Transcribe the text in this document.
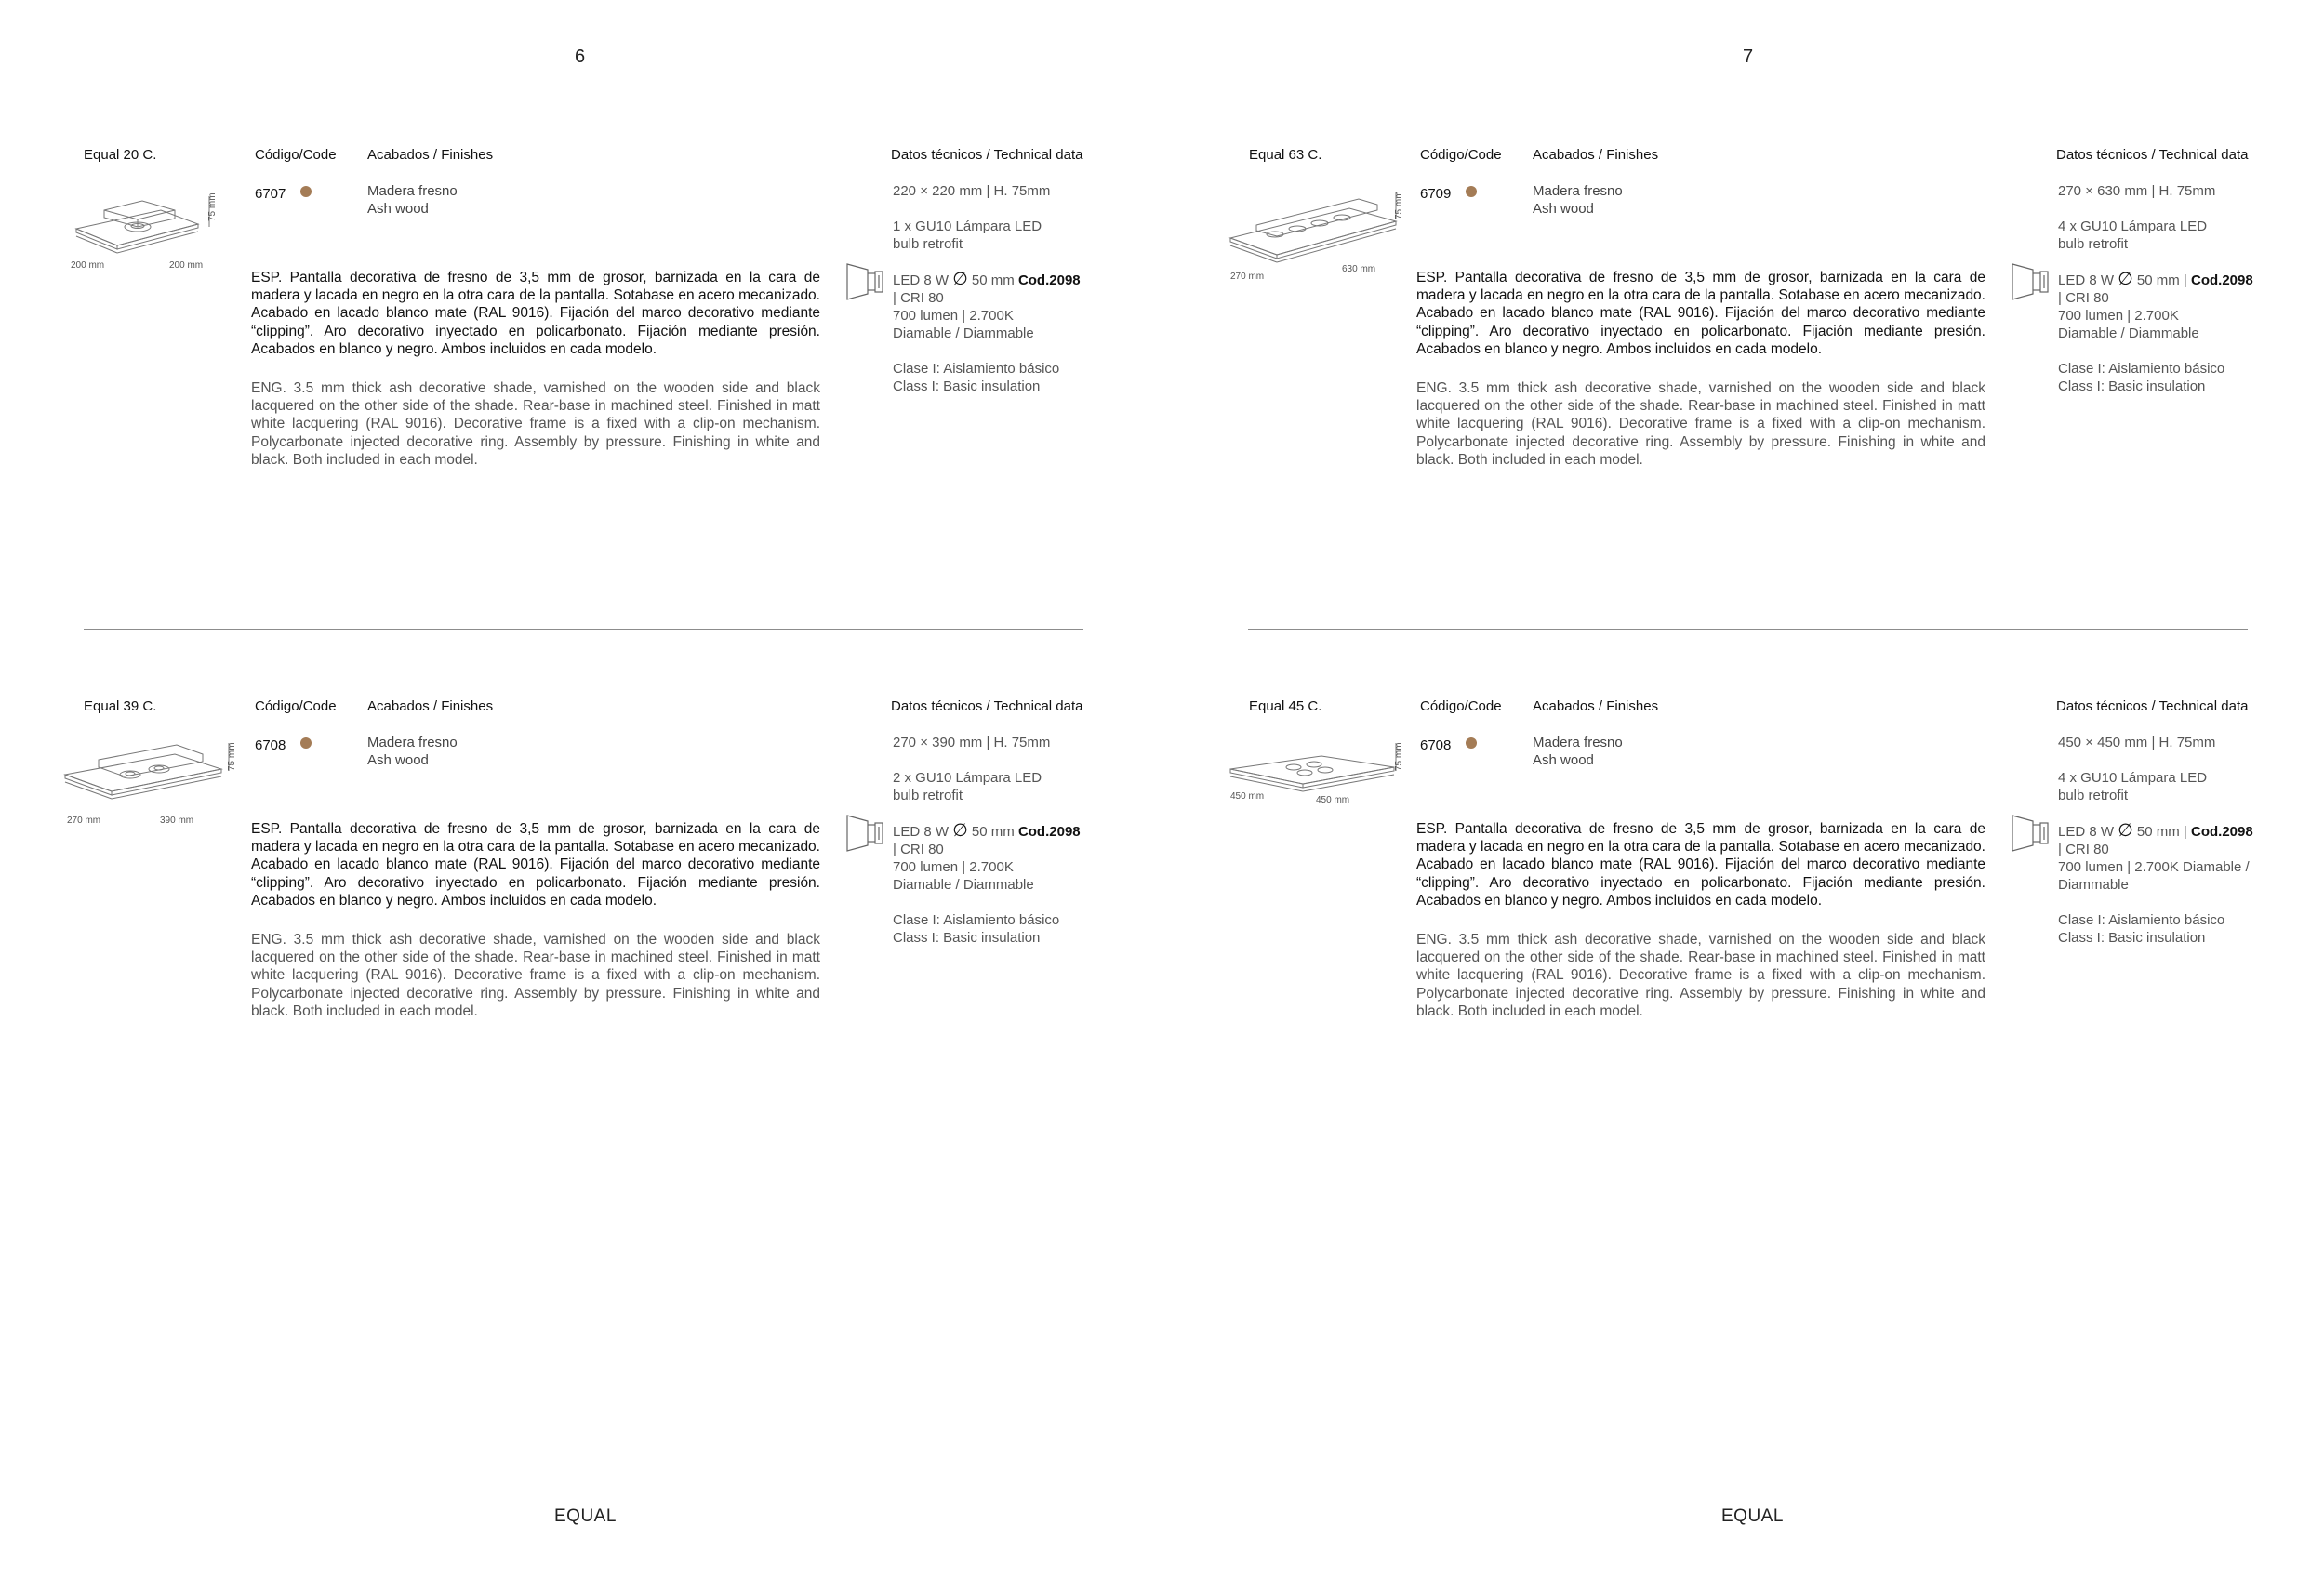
6
Equal 20 C.	Código/Code Acabados / Finishes	Datos técnicos / Technical data
6707	Madera fresno
Ash wood
75 mm
200 mm	200 mm
220 × 220 mm | H. 75mm
1 x GU10 Lámpara LED
bulb retrofit
LED 8 W ∅ 50 mm Cod.2098
| CRI 80
700 lumen | 2.700K
Diamable / Diammable
Clase I: Aislamiento básico
Class I: Basic insulation
ESP. Pantalla decorativa de fresno de 3,5 mm de grosor, barnizada en la cara de madera y lacada en negro en la otra cara de la pantalla. Sotabase en acero mecanizado. Acabado en lacado blanco mate (RAL 9016). Fijación del marco decorativo mediante “clipping”. Aro decorativo inyectado en policarbonato. Fijación mediante presión. Acabados en blanco y negro. Ambos incluidos en cada modelo.
ENG. 3.5 mm thick ash decorative shade, varnished on the wooden side and black lacquered on the other side of the shade. Rear-base in machined steel. Finished in matt white lacquering (RAL 9016). Decorative frame is a fixed with a clip-on mechanism. Polycarbonate injected decorative ring. Assembly by pressure. Finishing in white and black. Both included in each model.
Equal 39 C.	Código/Code Acabados / Finishes	Datos técnicos / Technical data
6708	Madera fresno
Ash wood
75 mm
270 mm	390 mm
270 × 390 mm | H. 75mm
2 x GU10 Lámpara LED
bulb retrofit
LED 8 W ∅ 50 mm Cod.2098
| CRI 80
700 lumen | 2.700K
Diamable / Diammable
Clase I: Aislamiento básico
Class I: Basic insulation
ESP. Pantalla decorativa de fresno de 3,5 mm de grosor, barnizada en la cara de madera y lacada en negro en la otra cara de la pantalla. Sotabase en acero mecanizado. Acabado en lacado blanco mate (RAL 9016). Fijación del marco decorativo mediante “clipping”. Aro decorativo inyectado en policarbonato. Fijación mediante presión. Acabados en blanco y negro. Ambos incluidos en cada modelo.
ENG. 3.5 mm thick ash decorative shade, varnished on the wooden side and black lacquered on the other side of the shade. Rear-base in machined steel. Finished in matt white lacquering (RAL 9016). Decorative frame is a fixed with a clip-on mechanism. Polycarbonate injected decorative ring. Assembly by pressure. Finishing in white and black. Both included in each model.
EQUAL
7
Equal 63 C.	Código/Code Acabados / Finishes	Datos técnicos / Technical data
6709	Madera fresno
Ash wood
75 mm
270 mm
630 mm
270 × 630 mm | H. 75mm
4 x GU10 Lámpara LED
bulb retrofit
LED 8 W ∅ 50 mm | Cod.2098
| CRI 80
700 lumen | 2.700K
Diamable / Diammable
Clase I: Aislamiento básico
Class I: Basic insulation
ESP. Pantalla decorativa de fresno de 3,5 mm de grosor, barnizada en la cara de madera y lacada en negro en la otra cara de la pantalla. Sotabase en acero mecanizado. Acabado en lacado blanco mate (RAL 9016). Fijación del marco decorativo mediante “clipping”. Aro decorativo inyectado en policarbonato. Fijación mediante presión. Acabados en blanco y negro. Ambos incluidos en cada modelo.
ENG. 3.5 mm thick ash decorative shade, varnished on the wooden side and black lacquered on the other side of the shade. Rear-base in machined steel. Finished in matt white lacquering (RAL 9016). Decorative frame is a fixed with a clip-on mechanism. Polycarbonate injected decorative ring. Assembly by pressure. Finishing in white and black. Both included in each model.
Equal 45 C.	Código/Code Acabados / Finishes	Datos técnicos / Technical data
6708	Madera fresno
Ash wood
75 mm
450 mm	450 mm
450 × 450 mm | H. 75mm
4 x GU10 Lámpara LED
bulb retrofit
LED 8 W ∅ 50 mm | Cod.2098
| CRI 80
700 lumen | 2.700K Diamable /
Diammable
Clase I: Aislamiento básico
Class I: Basic insulation
ESP. Pantalla decorativa de fresno de 3,5 mm de grosor, barnizada en la cara de madera y lacada en negro en la otra cara de la pantalla. Sotabase en acero mecanizado. Acabado en lacado blanco mate (RAL 9016). Fijación del marco decorativo mediante “clipping”. Aro decorativo inyectado en policarbonato. Fijación mediante presión. Acabados en blanco y negro. Ambos incluidos en cada modelo.
ENG. 3.5 mm thick ash decorative shade, varnished on the wooden side and black lacquered on the other side of the shade. Rear-base in machined steel. Finished in matt white lacquering (RAL 9016). Decorative frame is a fixed with a clip-on mechanism. Polycarbonate injected decorative ring. Assembly by pressure. Finishing in white and black. Both included in each model.
EQUAL
